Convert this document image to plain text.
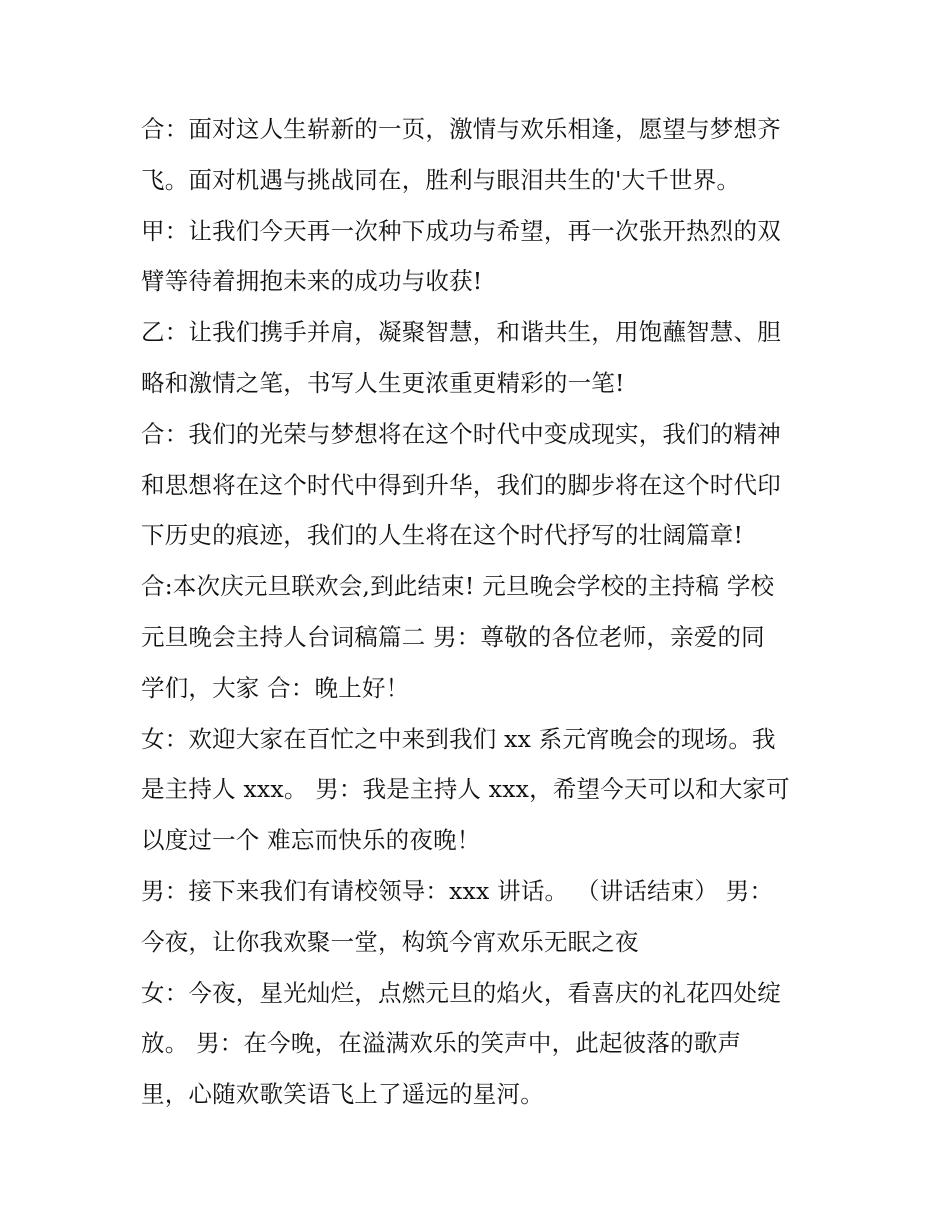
合：面对这人生崭新的一页，激情与欢乐相逢，愿望与梦想齐
飞。面对机遇与挑战同在，胜利与眼泪共生的'大千世界。
甲：让我们今天再一次种下成功与希望，再一次张开热烈的双
臂等待着拥抱未来的成功与收获!
乙：让我们携手并肩，凝聚智慧，和谐共生，用饱蘸智慧、胆
略和激情之笔，书写人生更浓重更精彩的一笔!
合：我们的光荣与梦想将在这个时代中变成现实，我们的精神
和思想将在这个时代中得到升华，我们的脚步将在这个时代印
下历史的痕迹，我们的人生将在这个时代抒写的壮阔篇章!
合:本次庆元旦联欢会,到此结束! 元旦晚会学校的主持稿 学校
元旦晚会主持人台词稿篇二 男：尊敬的各位老师，亲爱的同
学们，大家 合：晚上好！
女：欢迎大家在百忙之中来到我们 xx 系元宵晚会的现场。我
是主持人 xxx。 男：我是主持人 xxx，希望今天可以和大家可
以度过一个 难忘而快乐的夜晚！
男：接下来我们有请校领导：xxx 讲话。 （讲话结束） 男：
今夜，让你我欢聚一堂，构筑今宵欢乐无眠之夜
女：今夜，星光灿烂，点燃元旦的焰火，看喜庆的礼花四处绽
放。 男：在今晚，在溢满欢乐的笑声中，此起彼落的歌声
里，心随欢歌笑语飞上了遥远的星河。
